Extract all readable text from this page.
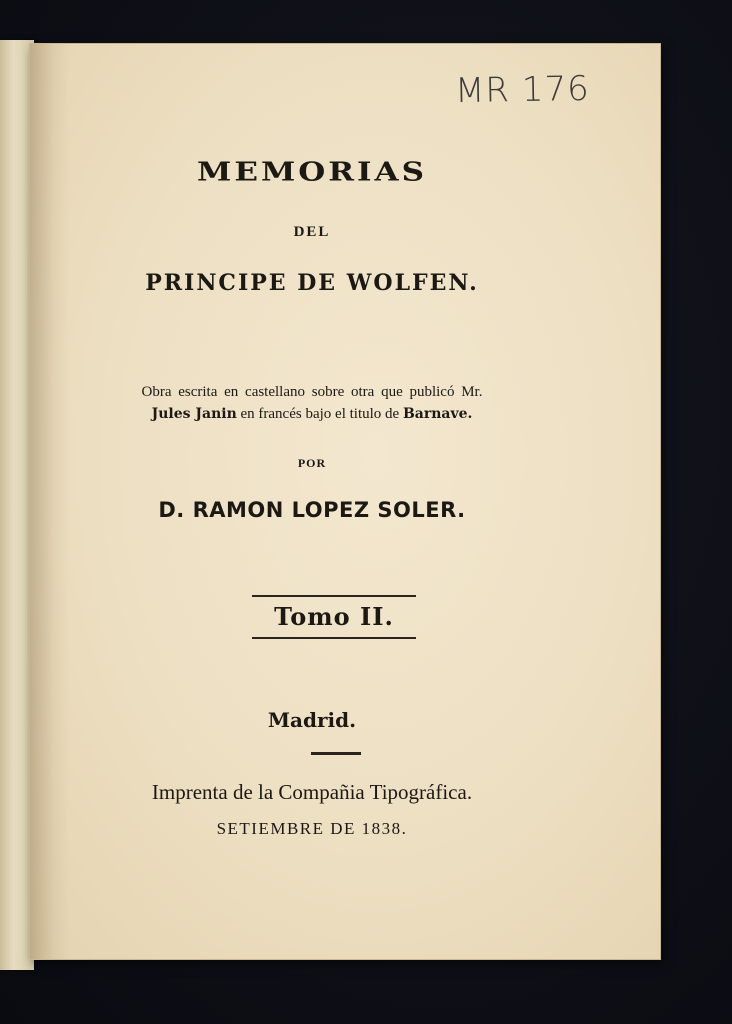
MR 176
MEMORIAS
DEL
PRINCIPE DE WOLFEN.
Obra escrita en castellano sobre otra que publicó Mr.
Jules Janin en francés bajo el titulo de Barnave.
POR
D. RAMON LOPEZ SOLER.
Tomo II.
Madrid.
Imprenta de la Compañia Tipográfica.
SETIEMBRE DE 1838.
